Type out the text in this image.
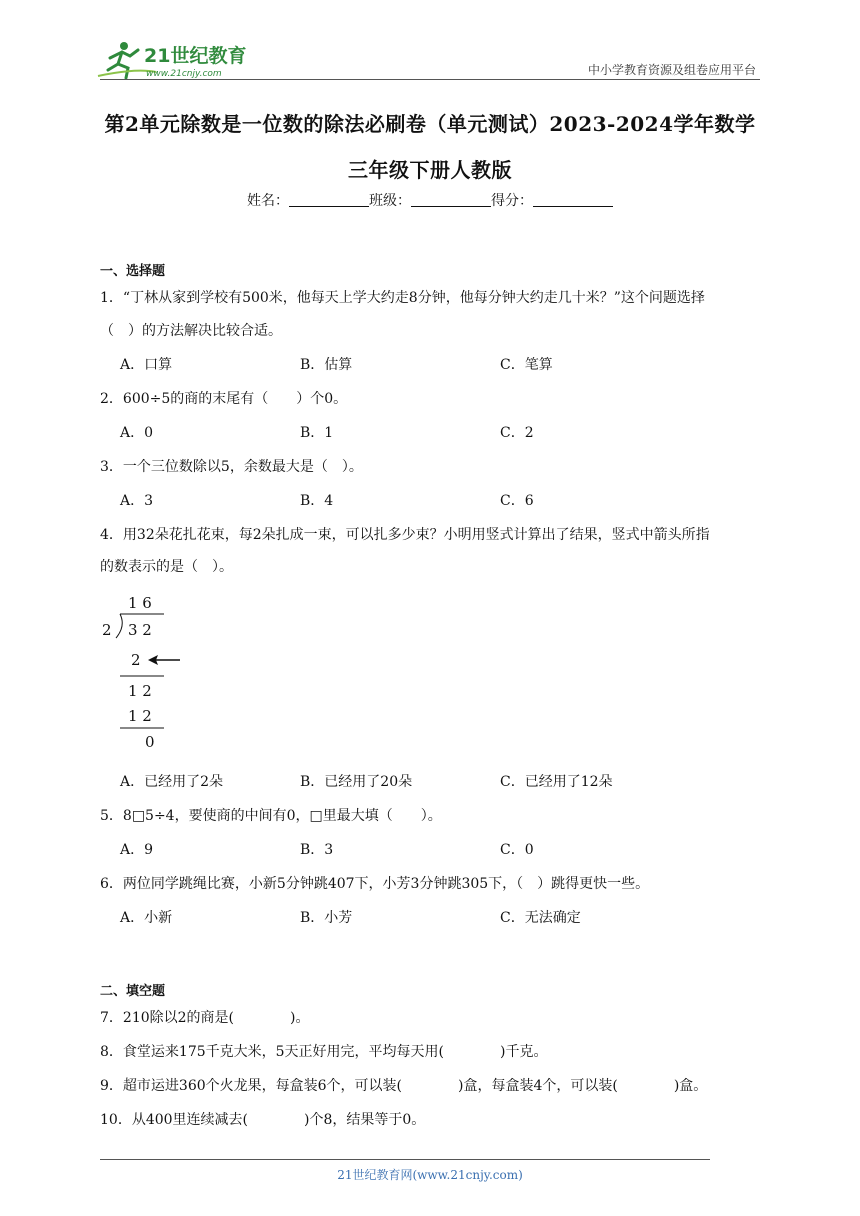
21世纪教育
www.21cnjy.com	中小学教育资源及组卷应用平台
第2单元除数是一位数的除法必刷卷（单元测试）2023-2024学年数学
三年级下册人教版
姓名：	班级：	得分：
一、选择题
1．“丁林从家到学校有500米，他每天上学大约走8分钟，他每分钟大约走几十米？”这个问题选择
（　）的方法解决比较合适。
A．口算	B．估算	C．笔算
2．600÷5的商的末尾有（　　）个0。
A．0	B．1	C．2
3．一个三位数除以5，余数最大是（　）。
A．3	B．4	C．6
4．用32朵花扎花束，每2朵扎成一束，可以扎多少束？小明用竖式计算出了结果，竖式中箭头所指
的数表示的是（　）。
1 6
2 3 2
2
1 2
1 2
0
A．已经用了2朵	B．已经用了20朵	C．已经用了12朵
5．8□5÷4，要使商的中间有0，□里最大填（　　）。
A．9	B．3	C．0
6．两位同学跳绳比赛，小新5分钟跳407下，小芳3分钟跳305下，（　）跳得更快一些。
A．小新	B．小芳	C．无法确定
二、填空题
7．210除以2的商是(　　　　)。
8．食堂运来175千克大米，5天正好用完，平均每天用(　　　　)千克。
9．超市运进360个火龙果，每盒装6个，可以装(　　　　)盒，每盒装4个，可以装(　　　　)盒。
10．从400里连续减去(　　　　)个8，结果等于0。
21世纪教育网(www.21cnjy.com)
